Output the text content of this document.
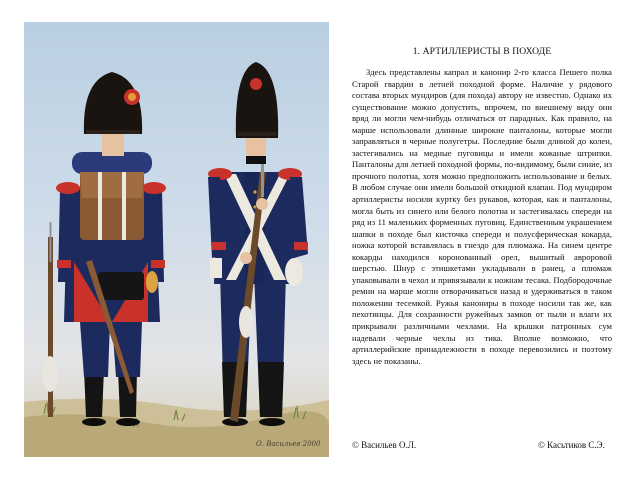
О. Васильев 2000
1. АРТИЛЛЕРИСТЫ В ПОХОДЕ

Здесь представлены капрал и канонир 2-го класса Пешего полка Старой гвардии в летней походной форме. Наличие у рядового состава вторых мундиров (для похода) автору не известно. Однако их существование можно допустить, впрочем, по внешнему виду они вряд ли могли чем-нибудь отличаться от парадных. Как правило, на марше использовали длинные широкие панталоны, которые могли заправляться в черные полугетры. Последние были длиной до колен, застегивались на медные пуговицы и имели кожаные штрипки. Панталоны для летней походной формы, по-видимому, были синие, из прочного полотна, хотя можно предположить использование и белых. В любом случае они имели большой откидной клапан. Под мундиром артиллеристы носили куртку без рукавов, которая, как и панталоны, могла быть из синего или белого полотна и застегивалась спереди на ряд из 11 маленьких форменных пуговиц. Единственным украшением шапки в походе был кисточка спереди и полусферическая кокарда, ножка которой вставлялась в гнездо для плюмажа. На синем центре кокарды находился коронованный орел, вышитый авроровой шерстью. Шнур с этишкетами укладывали в ранец, а плюмаж упаковывали в чехол и привязывали к ножнам тесака. Подбородочные ремни на марше могли отворачиваться назад и удерживаться в таком положении тесемкой. Ружья канониры в походе носили так же, как пехотинцы. Для сохранности ружейных замков от пыли и влаги их прикрывали различными чехлами. На крышки патронных сум надевали черные чехлы из тика. Вполне возможно, что артиллерийские принадлежности в походе перевозились и поэтому здесь не показаны.

© Васильев О.Л.	© Касьтиков С.Э.
